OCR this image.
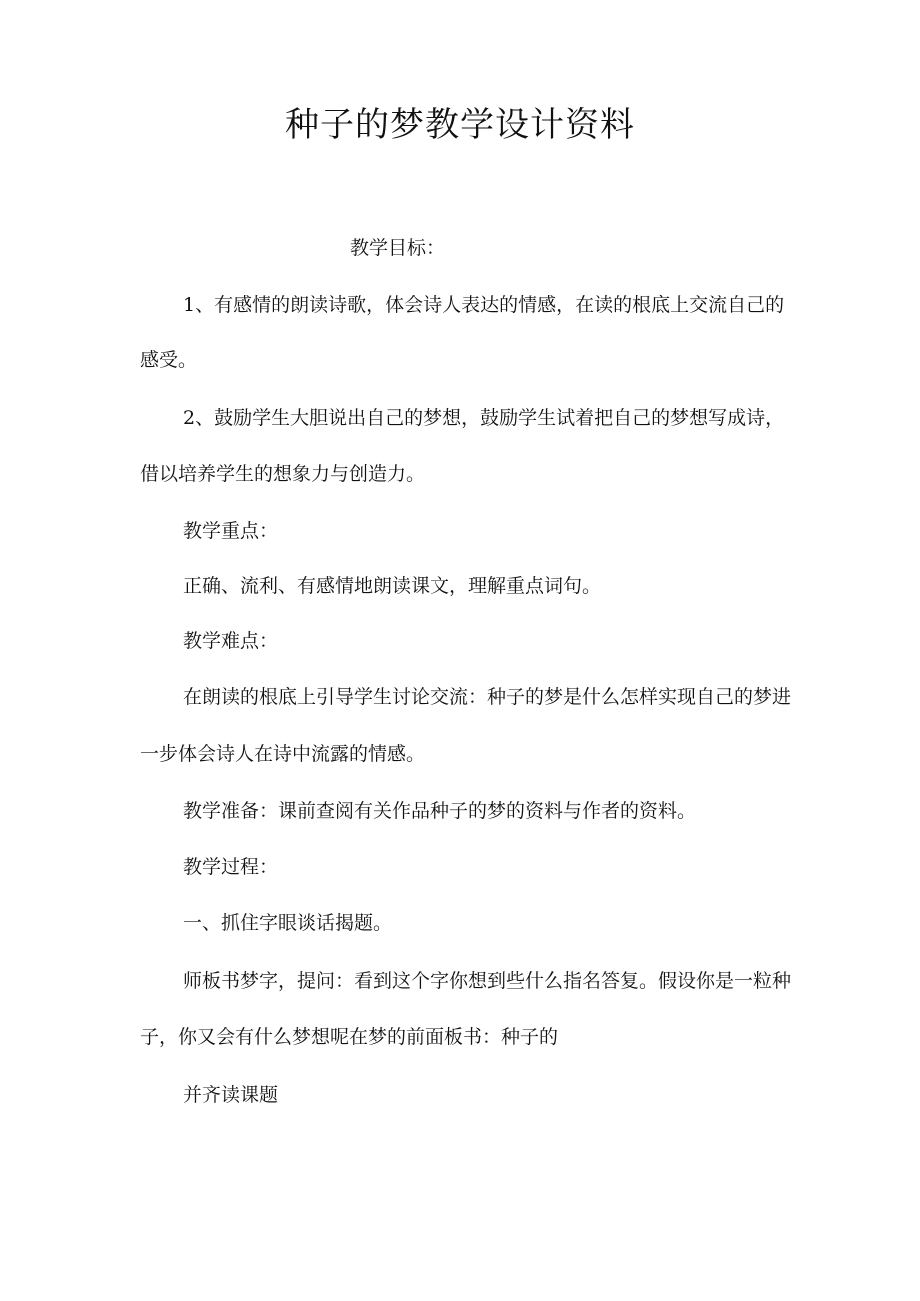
种子的梦教学设计资料

教学目标：

1、有感情的朗读诗歌，体会诗人表达的情感，在读的根底上交流自己的

感受。

2、鼓励学生大胆说出自己的梦想，鼓励学生试着把自己的梦想写成诗，

借以培养学生的想象力与创造力。

教学重点：

正确、流利、有感情地朗读课文，理解重点词句。

教学难点：

在朗读的根底上引导学生讨论交流：种子的梦是什么怎样实现自己的梦进

一步体会诗人在诗中流露的情感。

教学准备：课前查阅有关作品种子的梦的资料与作者的资料。

教学过程：

一、抓住字眼谈话揭题。

师板书梦字，提问：看到这个字你想到些什么指名答复。假设你是一粒种

子，你又会有什么梦想呢在梦的前面板书：种子的

并齐读课题
